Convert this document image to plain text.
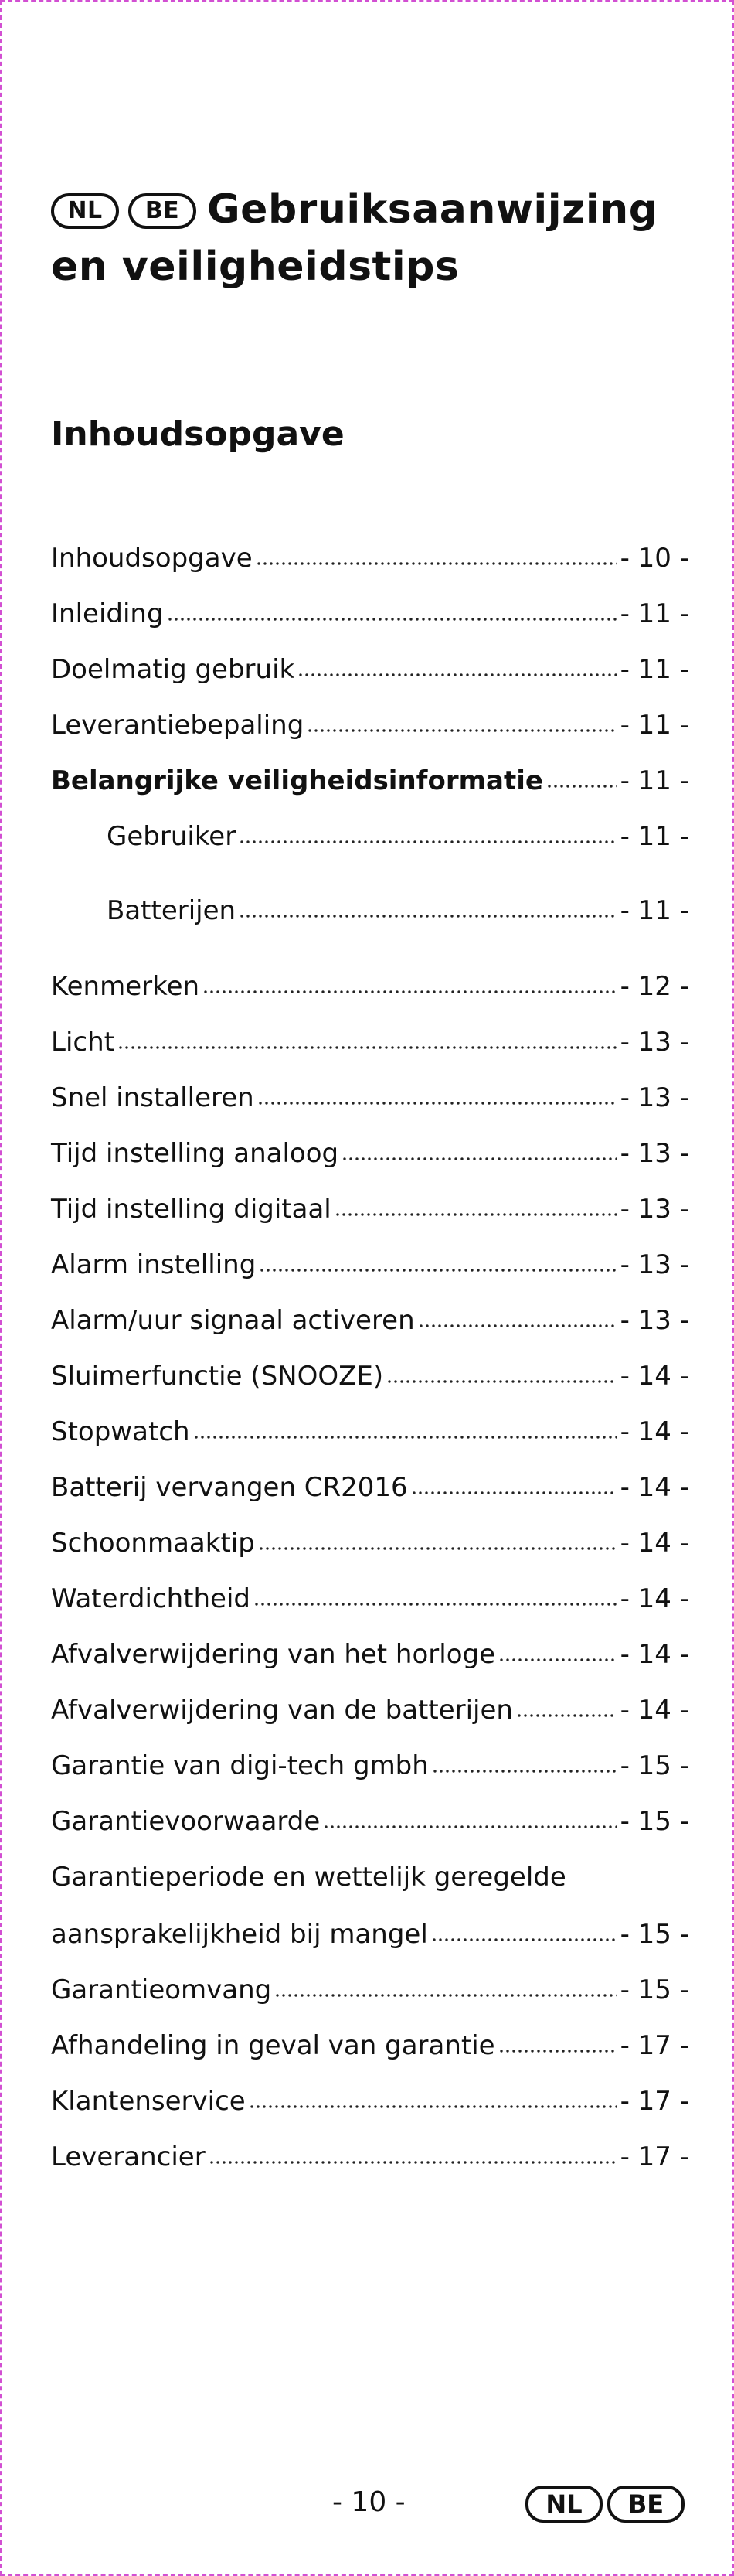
NL BE Gebruiksaanwijzing
en veiligheidstips
Inhoudsopgave
Inhoudsopgave	- 10 -
Inleiding	- 11 -
Doelmatig gebruik	- 11 -
Leverantiebepaling	- 11 -
Belangrijke veiligheidsinformatie	- 11 -
Gebruiker	- 11 -
Batterijen	- 11 -
Kenmerken	- 12 -
Licht	- 13 -
Snel installeren	- 13 -
Tijd instelling analoog	- 13 -
Tijd instelling digitaal	- 13 -
Alarm instelling	- 13 -
Alarm/uur signaal activeren	- 13 -
Sluimerfunctie (SNOOZE)	- 14 -
Stopwatch	- 14 -
Batterij vervangen CR2016	- 14 -
Schoonmaaktip	- 14 -
Waterdichtheid	- 14 -
Afvalverwijdering van het horloge	- 14 -
Afvalverwijdering van de batterijen	- 14 -
Garantie van digi-tech gmbh	- 15 -
Garantievoorwaarde	- 15 -
Garantieperiode en wettelijk geregelde
aansprakelijkheid bij mangel	- 15 -
Garantieomvang	- 15 -
Afhandeling in geval van garantie	- 17 -
Klantenservice	- 17 -
Leverancier	- 17 -
- 10 -	NL BE
